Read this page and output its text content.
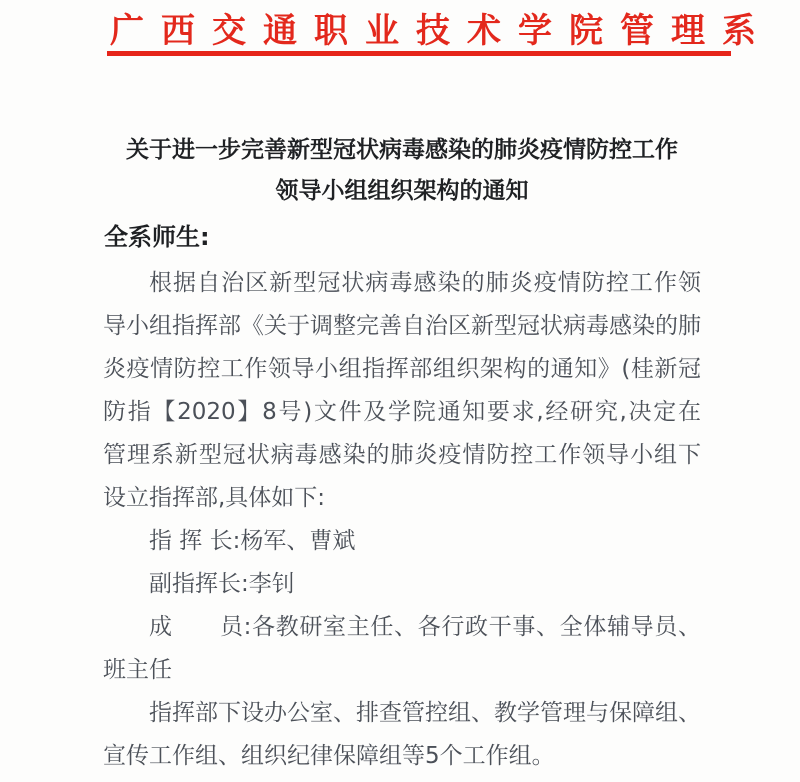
广西交通职业技术学院管理系
关于进一步完善新型冠状病毒感染的肺炎疫情防控工作
领导小组组织架构的通知
全系师生:
根据自治区新型冠状病毒感染的肺炎疫情防控工作领
导小组指挥部《关于调整完善自治区新型冠状病毒感染的肺
炎疫情防控工作领导小组指挥部组织架构的通知》(桂新冠
防指【2020】8号)文件及学院通知要求,经研究,决定在
管理系新型冠状病毒感染的肺炎疫情防控工作领导小组下
设立指挥部,具体如下:
指 挥 长:杨军、曹斌
副指挥长:李钊
成　　员:各教研室主任、各行政干事、全体辅导员、
班主任
指挥部下设办公室、排查管控组、教学管理与保障组、
宣传工作组、组织纪律保障组等5个工作组。
